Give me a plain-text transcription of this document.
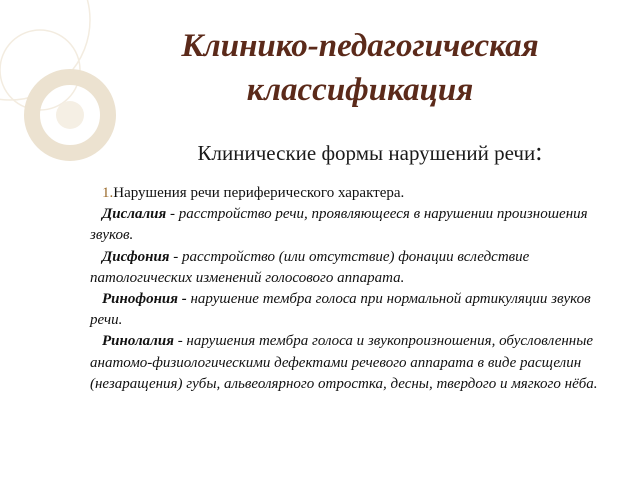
Клинико-педагогическая классификация
Клинические формы нарушений речи:

1.Нарушения речи периферического характера.

Дислалия - расстройство речи, проявляющееся в нарушении произношения звуков.

Дисфония - расстройство (или отсутствие) фонации вследствие патологических изменений голосового аппарата.

Ринофония - нарушение тембра голоса при нормальной артикуляции звуков речи.

Ринолалия - нарушения тембра голоса и звукопроизношения, обусловленные анатомо-физиологическими дефектами речевого аппарата в виде расщелин (незаращения) губы, альвеолярного отростка, десны, твердого и мягкого нёба.
